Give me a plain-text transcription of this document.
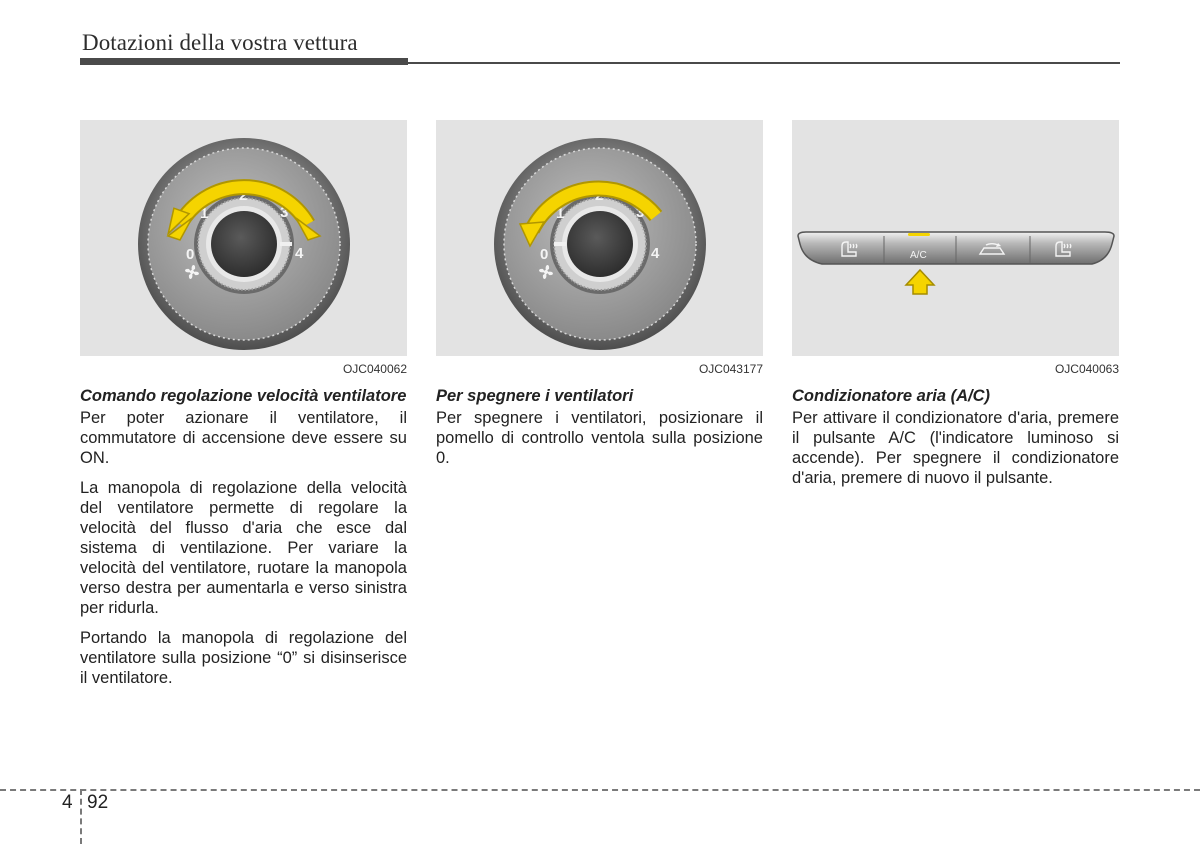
Dotazioni della vostra vettura
0
1
2
3
4
OJC040062
Comando regolazione velocità ventilatore

Per poter azionare il ventilatore, il commutatore di accensione deve essere su ON.

La manopola di regolazione della velocità del ventilatore permette di regolare la velocità del flusso d'aria che esce dal sistema di ventilazione. Per variare la velocità del ventilatore, ruotare la manopola verso destra per aumentarla e verso sinistra per ridurla.

Portando la manopola di regolazione del ventilatore sulla posizione “0” si disinserisce il ventilatore.

0
1
2
3
4
OJC043177
Per spegnere i ventilatori

Per spegnere i ventilatori, posizionare il pomello di controllo ventola sulla posizione 0.

A/C
OJC040063
Condizionatore aria (A/C)

Per attivare il condizionatore d'aria, premere il pulsante A/C (l'indicatore luminoso si accende). Per spegnere il condizionatore d'aria, premere di nuovo il pulsante.

4 92
